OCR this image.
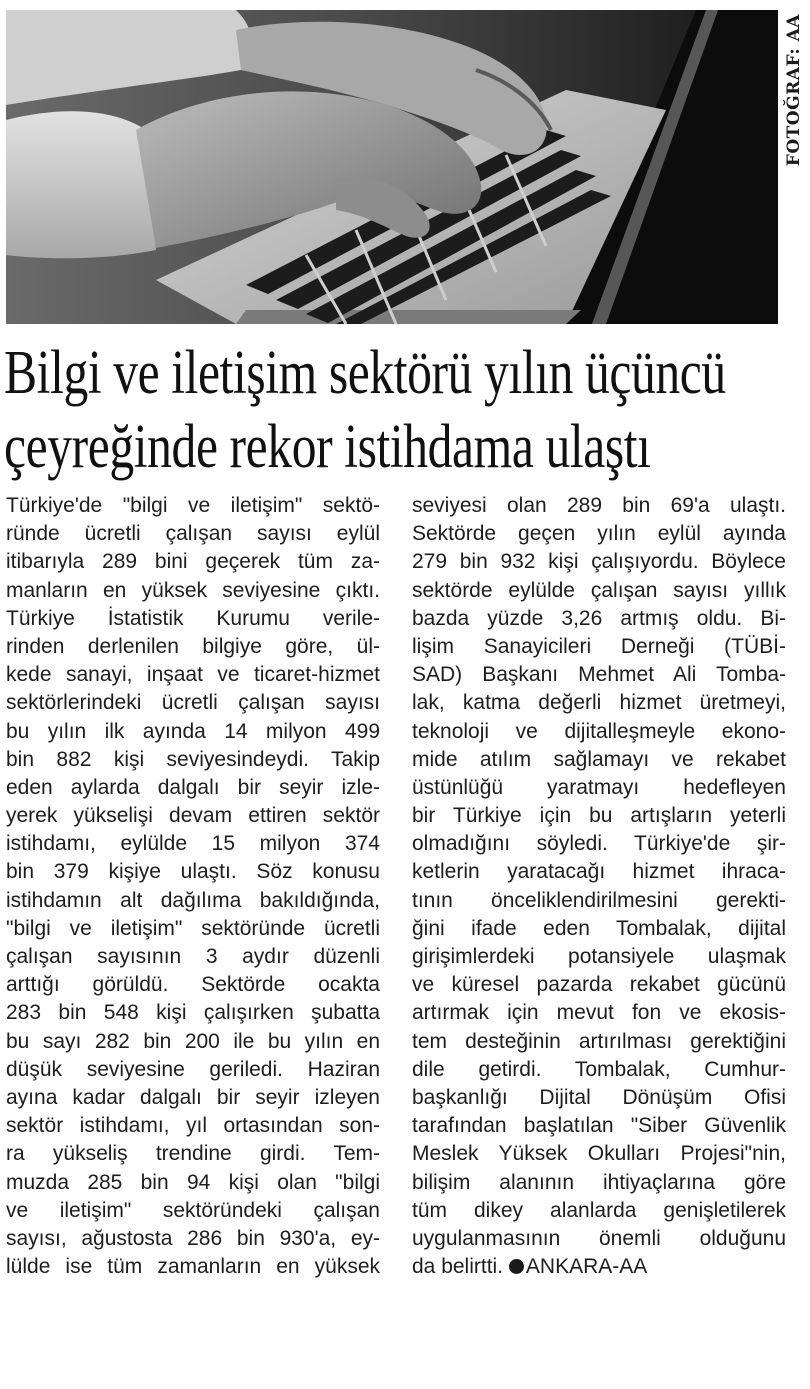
FOTOĞRAF: AA
Bilgi ve iletişim sektörü yılın üçüncü
çeyreğinde rekor istihdama ulaştı
Türkiye'de "bilgi ve iletişim" sektö-
ründe ücretli çalışan sayısı eylül
itibarıyla 289 bini geçerek tüm za-
manların en yüksek seviyesine çıktı.
Türkiye İstatistik Kurumu verile-
rinden derlenilen bilgiye göre, ül-
kede sanayi, inşaat ve ticaret-hizmet
sektörlerindeki ücretli çalışan sayısı
bu yılın ilk ayında 14 milyon 499
bin 882 kişi seviyesindeydi. Takip
eden aylarda dalgalı bir seyir izle-
yerek yükselişi devam ettiren sektör
istihdamı, eylülde 15 milyon 374
bin 379 kişiye ulaştı. Söz konusu
istihdamın alt dağılıma bakıldığında,
"bilgi ve iletişim" sektöründe ücretli
çalışan sayısının 3 aydır düzenli
arttığı görüldü. Sektörde ocakta
283 bin 548 kişi çalışırken şubatta
bu sayı 282 bin 200 ile bu yılın en
düşük seviyesine geriledi. Haziran
ayına kadar dalgalı bir seyir izleyen
sektör istihdamı, yıl ortasından son-
ra yükseliş trendine girdi. Tem-
muzda 285 bin 94 kişi olan "bilgi
ve iletişim" sektöründeki çalışan
sayısı, ağustosta 286 bin 930'a, ey-
lülde ise tüm zamanların en yüksek
seviyesi olan 289 bin 69'a ulaştı.
Sektörde geçen yılın eylül ayında
279 bin 932 kişi çalışıyordu. Böylece
sektörde eylülde çalışan sayısı yıllık
bazda yüzde 3,26 artmış oldu. Bi-
lişim Sanayicileri Derneği (TÜBİ-
SAD) Başkanı Mehmet Ali Tomba-
lak, katma değerli hizmet üretmeyi,
teknoloji ve dijitalleşmeyle ekono-
mide atılım sağlamayı ve rekabet
üstünlüğü yaratmayı hedefleyen
bir Türkiye için bu artışların yeterli
olmadığını söyledi. Türkiye'de şir-
ketlerin yaratacağı hizmet ihraca-
tının önceliklendirilmesini gerekti-
ğini ifade eden Tombalak, dijital
girişimlerdeki potansiyele ulaşmak
ve küresel pazarda rekabet gücünü
artırmak için mevut fon ve ekosis-
tem desteğinin artırılması gerektiğini
dile getirdi. Tombalak, Cumhur-
başkanlığı Dijital Dönüşüm Ofisi
tarafından başlatılan "Siber Güvenlik
Meslek Yüksek Okulları Projesi"nin,
bilişim alanının ihtiyaçlarına göre
tüm dikey alanlarda genişletilerek
uygulanmasının önemli olduğunu
da belirtti. ANKARA-AA
